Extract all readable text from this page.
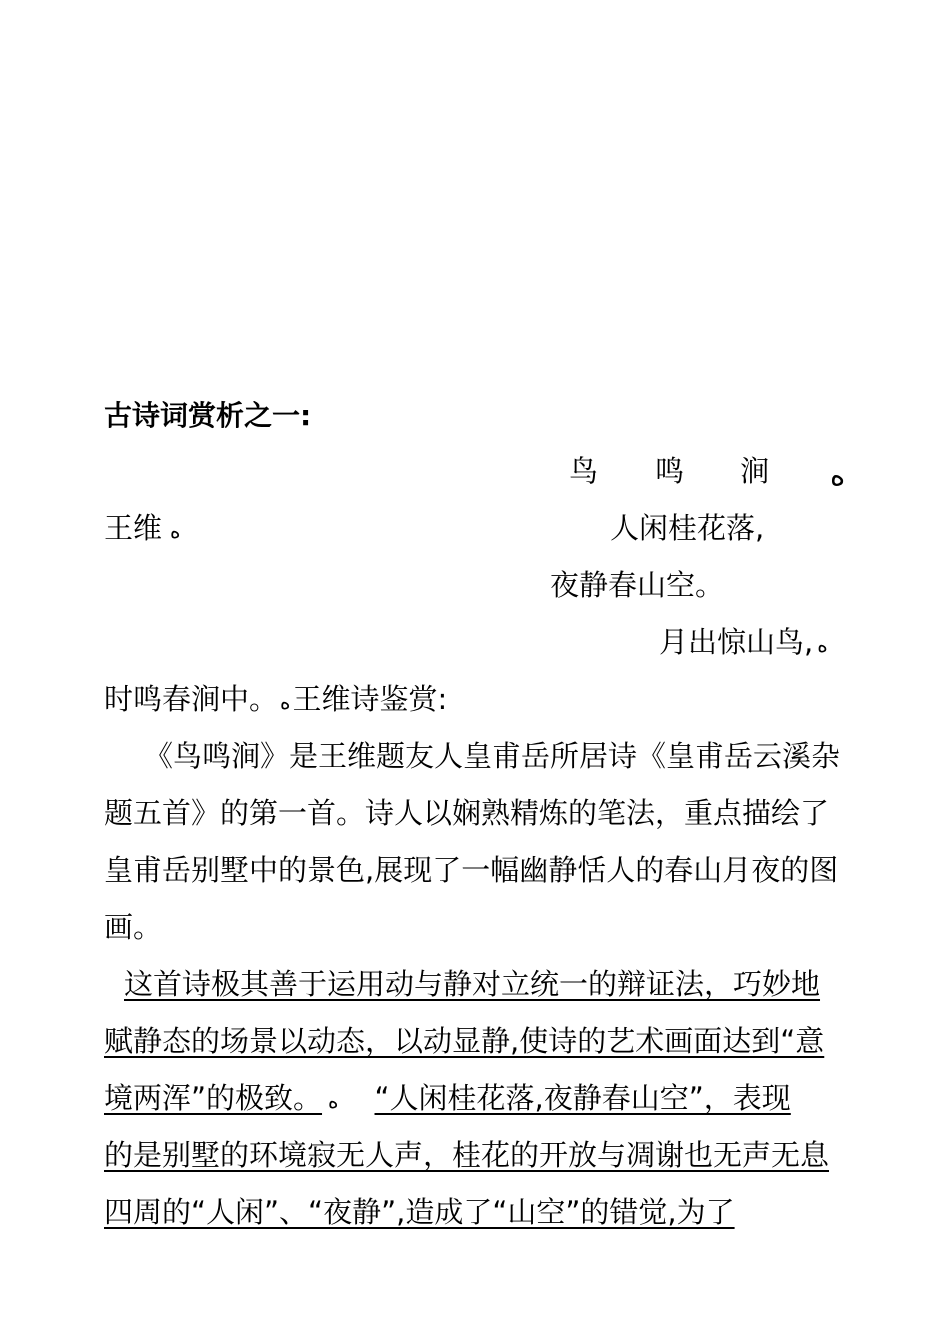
古诗词赏析之一:
鸟 鸣 涧 ﻩ
王维 ﻩ	人闲桂花落,
夜静春山空。
月出惊山鸟, ﻩ
时鸣春涧中。 ﻩ王维诗鉴赏:
《鸟鸣涧》是王维题友人皇甫岳所居诗《皇甫岳云溪杂
题五首》的第一首。诗人以娴熟精炼的笔法，重点描绘了
皇甫岳别墅中的景色,展现了一幅幽静恬人的春山月夜的图
画。
这首诗极其善于运用动与静对立统一的辩证法，巧妙地
赋静态的场景以动态，以动显静,使诗的艺术画面达到“意
境两浑”的极致。 ﻩ “人闲桂花落,夜静春山空”，表现
的是别墅的环境寂无人声，桂花的开放与凋谢也无声无息
四周的“人闲”、“夜静”,造成了“山空”的错觉,为了
